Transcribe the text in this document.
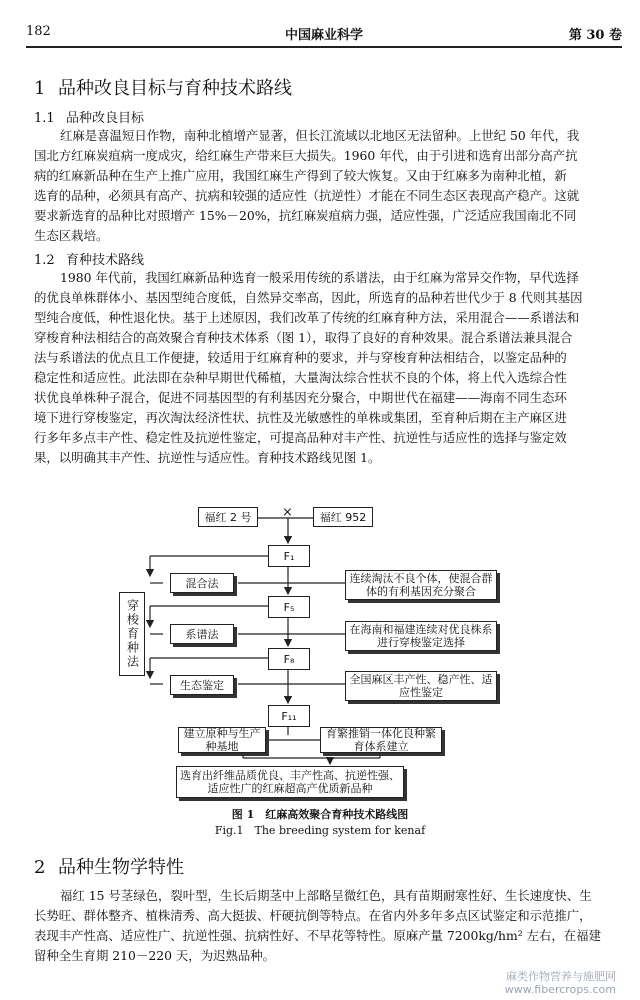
182	中国麻业科学	第 30 卷
1 品种改良目标与育种技术路线
1.1 品种改良目标
红麻是喜温短日作物，南种北植增产显著，但长江流域以北地区无法留种。上世纪 50 年代，我
国北方红麻炭疽病一度成灾，给红麻生产带来巨大损失。1960 年代，由于引进和选育出部分高产抗
病的红麻新品种在生产上推广应用，我国红麻生产得到了较大恢复。又由于红麻多为南种北植，新
选育的品种，必须具有高产、抗病和较强的适应性（抗逆性）才能在不同生态区表现高产稳产。这就
要求新选育的品种比对照增产 15%－20%，抗红麻炭疽病力强，适应性强，广泛适应我国南北不同
生态区栽培。
1.2 育种技术路线
1980 年代前，我国红麻新品种选育一般采用传统的系谱法，由于红麻为常异交作物，早代选择
的优良单株群体小、基因型纯合度低，自然异交率高，因此，所选育的品种若世代少于 8 代则其基因
型纯合度低，种性退化快。基于上述原因，我们改革了传统的红麻育种方法，采用混合——系谱法和
穿梭育种法相结合的高效聚合育种技术体系（图 1），取得了良好的育种效果。混合系谱法兼具混合
法与系谱法的优点且工作便捷，较适用于红麻育种的要求，并与穿梭育种法相结合，以鉴定品种的
稳定性和适应性。此法即在杂种早期世代稀植，大量淘汰综合性状不良的个体，将上代入选综合性
状优良单株种子混合，促进不同基因型的有利基因充分聚合，中期世代在福建——海南不同生态环
境下进行穿梭鉴定，再次淘汰经济性状、抗性及光敏感性的单株或集团，至育种后期在主产麻区进
行多年多点丰产性、稳定性及抗逆性鉴定，可提高品种对丰产性、抗逆性与适应性的选择与鉴定效
果，以明确其丰产性、抗逆性与适应性。育种技术路线见图 1。
福红 2 号	×	福红 952
F₁
F₅
F₈
F₁₁
穿梭育种法
混合法
系谱法
生态鉴定
连续淘汰不良个体，使混合群体的有利基因充分聚合
在海南和福建连续对优良株系进行穿梭鉴定选择
全国麻区丰产性、稳产性、适应性鉴定
建立原种与生产种基地
育繁推销一体化良种繁育体系建立
选育出纤维品质优良、丰产性高、抗逆性强、适应性广的红麻超高产优质新品种
图 1　红麻高效聚合育种技术路线图
Fig.1　The breeding system for kenaf
2 品种生物学特性
福红 15 号茎绿色，裂叶型，生长后期茎中上部略呈微红色，具有苗期耐寒性好、生长速度快、生
长势旺、群体整齐、植株清秀、高大挺拔、杆硬抗倒等特点。在省内外多年多点区试鉴定和示范推广，
表现丰产性高、适应性广、抗逆性强、抗病性好、不早花等特性。原麻产量 7200kg/hm² 左右，在福建
留种全生育期 210－220 天，为迟熟品种。
麻类作物营养与施肥网
www.fibercrops.com
